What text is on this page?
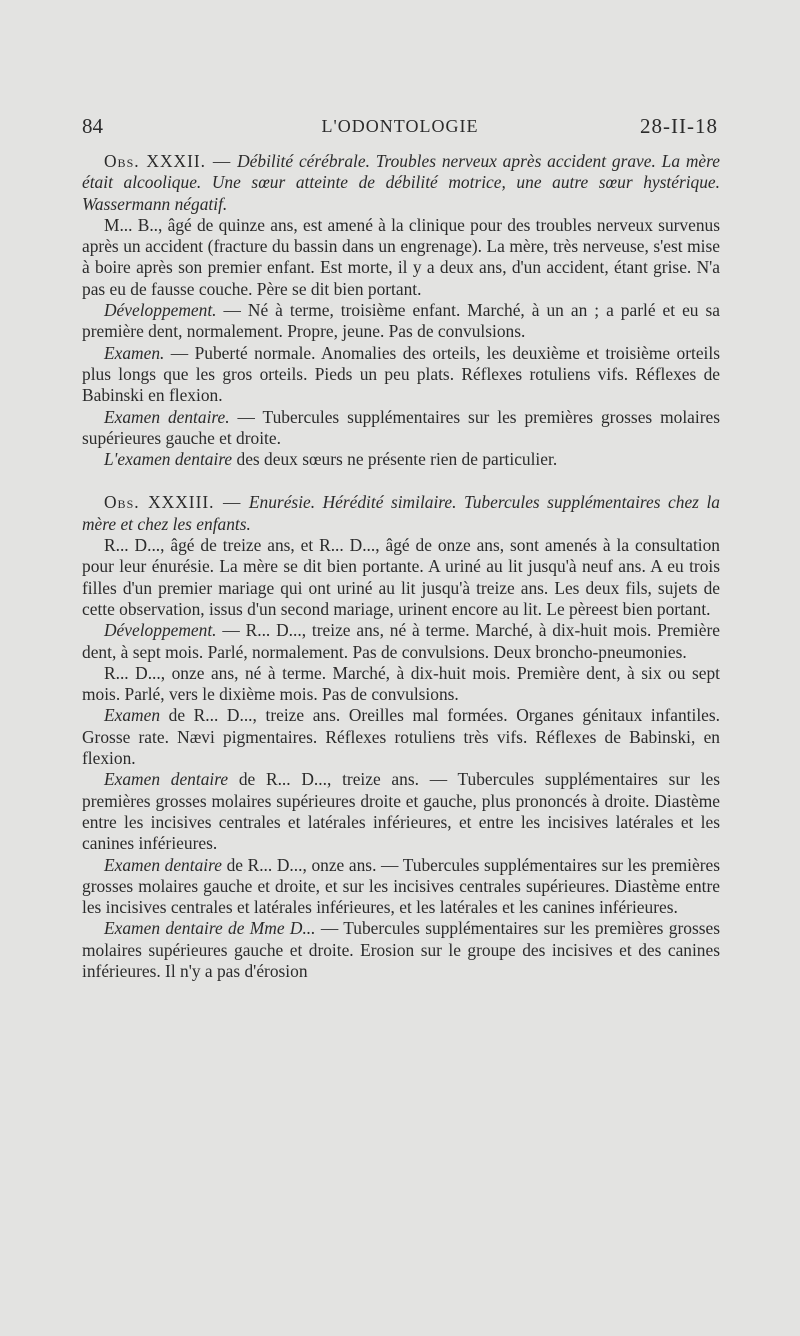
84	L'ODONTOLOGIE	28-II-18

Obs. XXXII. — Débilité cérébrale. Troubles nerveux après accident grave. La mère était alcoolique. Une sœur atteinte de débilité motrice, une autre sœur hystérique. Wassermann négatif.

M... B.., âgé de quinze ans, est amené à la clinique pour des troubles nerveux survenus après un accident (fracture du bassin dans un engrenage). La mère, très nerveuse, s'est mise à boire après son premier enfant. Est morte, il y a deux ans, d'un accident, étant grise. N'a pas eu de fausse couche. Père se dit bien portant.

Développement. — Né à terme, troisième enfant. Marché, à un an ; a parlé et eu sa première dent, normalement. Propre, jeune. Pas de convulsions.

Examen. — Puberté normale. Anomalies des orteils, les deuxième et troisième orteils plus longs que les gros orteils. Pieds un peu plats. Réflexes rotuliens vifs. Réflexes de Babinski en flexion.

Examen dentaire. — Tubercules supplémentaires sur les premières grosses molaires supérieures gauche et droite.

L'examen dentaire des deux sœurs ne présente rien de particulier.

Obs. XXXIII. — Enurésie. Hérédité similaire. Tubercules supplémentaires chez la mère et chez les enfants.

R... D..., âgé de treize ans, et R... D..., âgé de onze ans, sont amenés à la consultation pour leur énurésie. La mère se dit bien portante. A uriné au lit jusqu'à neuf ans. A eu trois filles d'un premier mariage qui ont uriné au lit jusqu'à treize ans. Les deux fils, sujets de cette observation, issus d'un second mariage, urinent encore au lit. Le pèreest bien portant.

Développement. — R... D..., treize ans, né à terme. Marché, à dix-huit mois. Première dent, à sept mois. Parlé, normalement. Pas de convulsions. Deux broncho-pneumonies.

R... D..., onze ans, né à terme. Marché, à dix-huit mois. Première dent, à six ou sept mois. Parlé, vers le dixième mois. Pas de convulsions.

Examen de R... D..., treize ans. Oreilles mal formées. Organes génitaux infantiles. Grosse rate. Nævi pigmentaires. Réflexes rotuliens très vifs. Réflexes de Babinski, en flexion.

Examen dentaire de R... D..., treize ans. — Tubercules supplémentaires sur les premières grosses molaires supérieures droite et gauche, plus prononcés à droite. Diastème entre les incisives centrales et latérales inférieures, et entre les incisives latérales et les canines inférieures.

Examen dentaire de R... D..., onze ans. — Tubercules supplémentaires sur les premières grosses molaires gauche et droite, et sur les incisives centrales supérieures. Diastème entre les incisives centrales et latérales inférieures, et les latérales et les canines inférieures.

Examen dentaire de Mme D... — Tubercules supplémentaires sur les premières grosses molaires supérieures gauche et droite. Erosion sur le groupe des incisives et des canines inférieures. Il n'y a pas d'érosion
